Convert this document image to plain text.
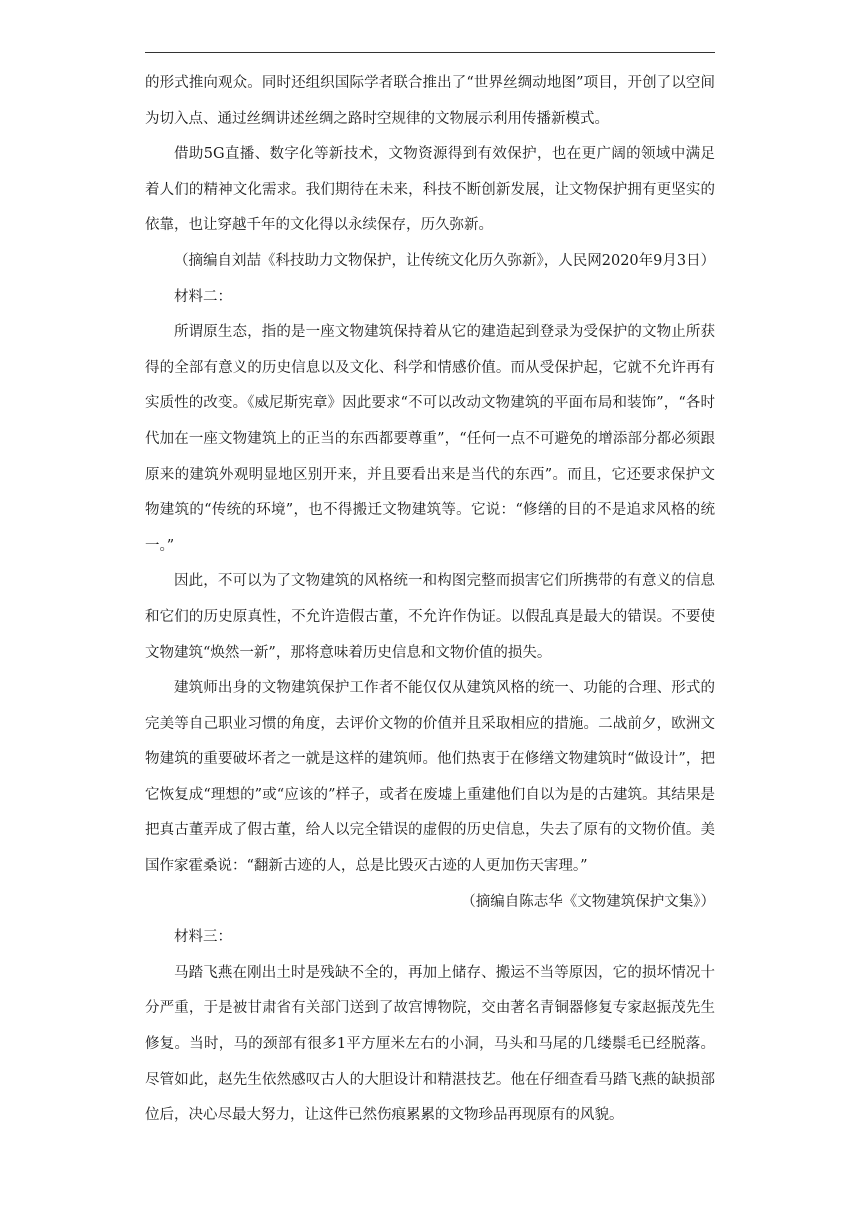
的形式推向观众。同时还组织国际学者联合推出了“世界丝绸动地图”项目，开创了以空间为切入点、通过丝绸讲述丝绸之路时空规律的文物展示利用传播新模式。

借助5G直播、数字化等新技术，文物资源得到有效保护，也在更广阔的领域中满足着人们的精神文化需求。我们期待在未来，科技不断创新发展，让文物保护拥有更坚实的依靠，也让穿越千年的文化得以永续保存，历久弥新。

（摘编自刘喆《科技助力文物保护，让传统文化历久弥新》，人民网2020年9月3日）

材料二：

所谓原生态，指的是一座文物建筑保持着从它的建造起到登录为受保护的文物止所获得的全部有意义的历史信息以及文化、科学和情感价值。而从受保护起，它就不允许再有实质性的改变。《威尼斯宪章》因此要求“不可以改动文物建筑的平面布局和装饰”，“各时代加在一座文物建筑上的正当的东西都要尊重”，“任何一点不可避免的增添部分都必须跟原来的建筑外观明显地区别开来，并且要看出来是当代的东西”。而且，它还要求保护文物建筑的“传统的环境”，也不得搬迁文物建筑等。它说：“修缮的目的不是追求风格的统一。”

因此，不可以为了文物建筑的风格统一和构图完整而损害它们所携带的有意义的信息和它们的历史原真性，不允许造假古董，不允许作伪证。以假乱真是最大的错误。不要使文物建筑“焕然一新”，那将意味着历史信息和文物价值的损失。

建筑师出身的文物建筑保护工作者不能仅仅从建筑风格的统一、功能的合理、形式的完美等自己职业习惯的角度，去评价文物的价值并且采取相应的措施。二战前夕，欧洲文物建筑的重要破坏者之一就是这样的建筑师。他们热衷于在修缮文物建筑时“做设计”，把它恢复成“理想的”或“应该的”样子，或者在废墟上重建他们自以为是的古建筑。其结果是把真古董弄成了假古董，给人以完全错误的虚假的历史信息，失去了原有的文物价值。美国作家霍桑说：“翻新古迹的人，总是比毁灭古迹的人更加伤天害理。”

（摘编自陈志华《文物建筑保护文集》）

材料三：

马踏飞燕在刚出土时是残缺不全的，再加上储存、搬运不当等原因，它的损坏情况十分严重，于是被甘肃省有关部门送到了故宫博物院，交由著名青铜器修复专家赵振茂先生修复。当时，马的颈部有很多1平方厘米左右的小洞，马头和马尾的几缕鬃毛已经脱落。尽管如此，赵先生依然感叹古人的大胆设计和精湛技艺。他在仔细查看马踏飞燕的缺损部位后，决心尽最大努力，让这件已然伤痕累累的文物珍品再现原有的风貌。
